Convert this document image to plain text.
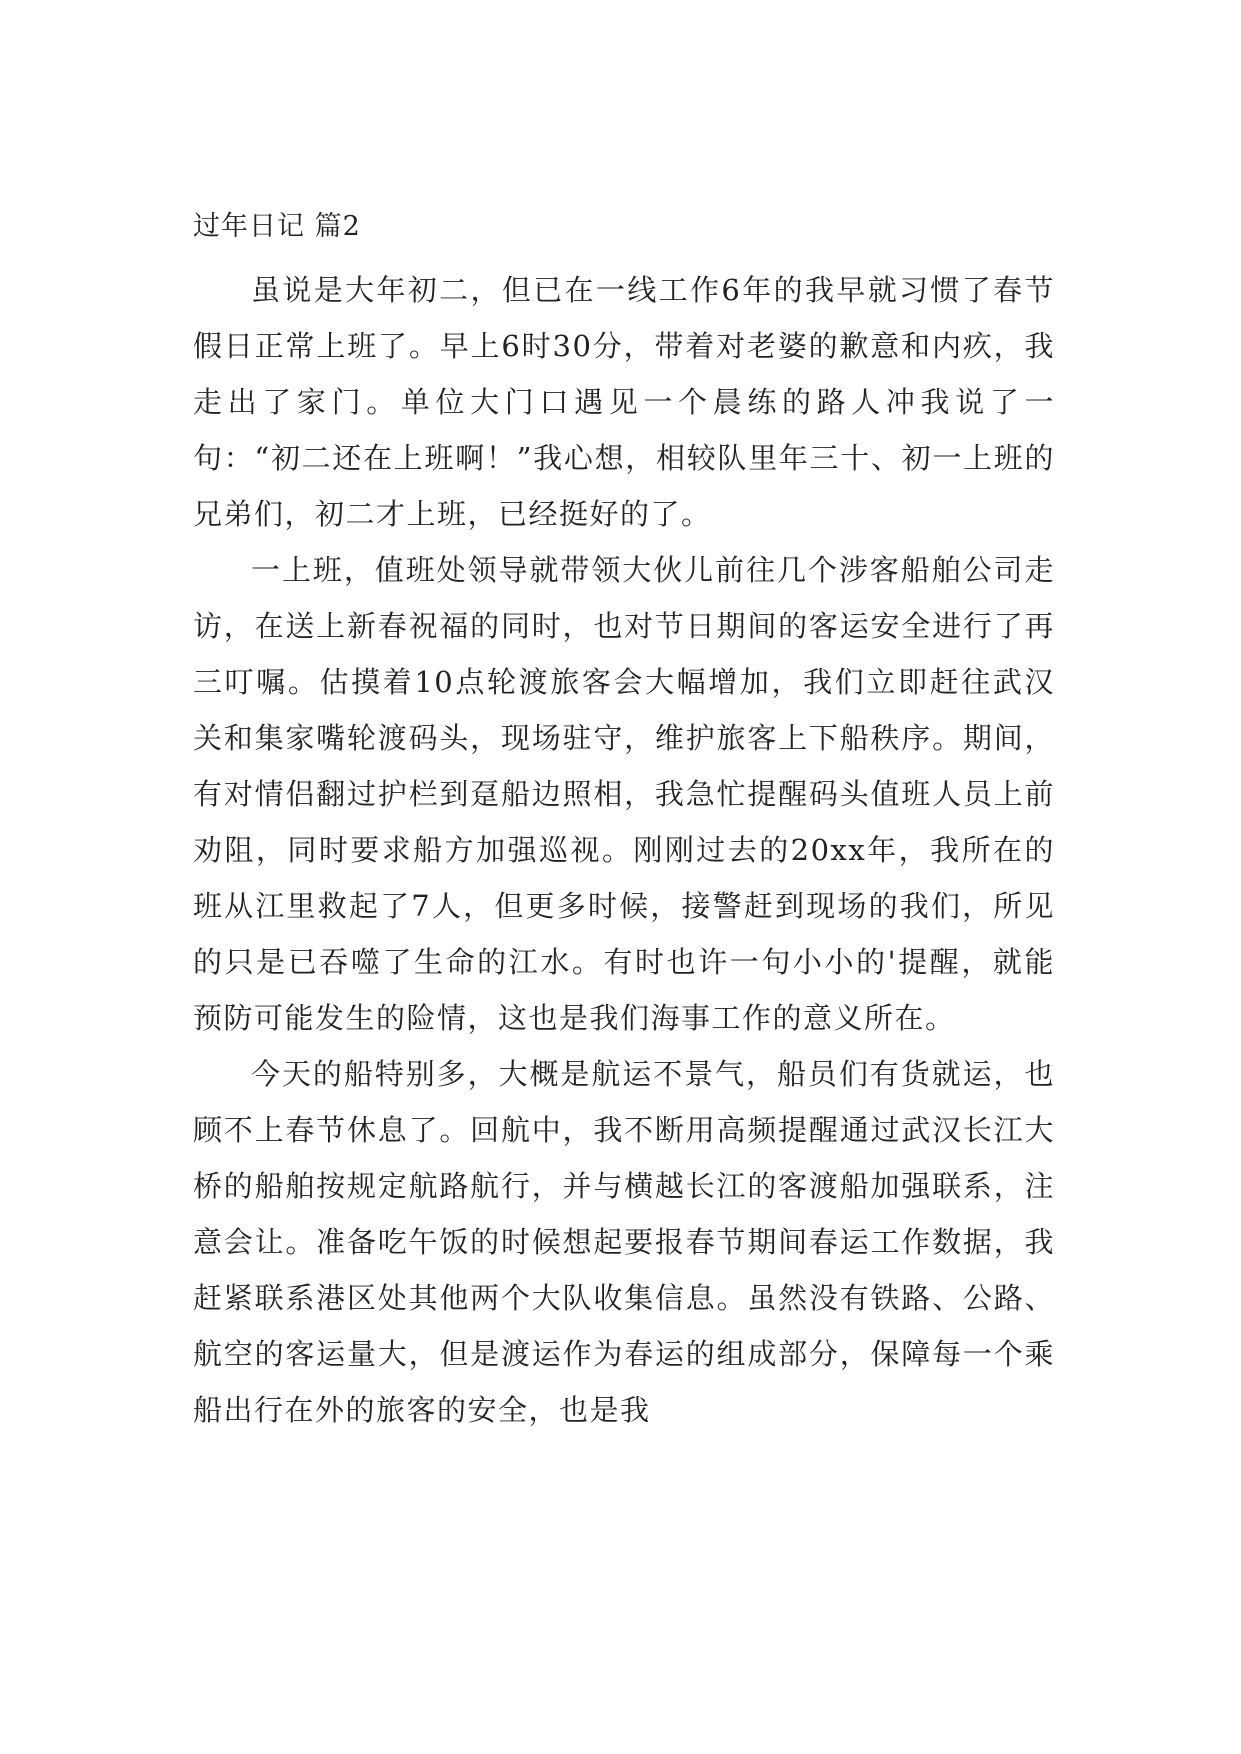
过年日记 篇2

虽说是大年初二，但已在一线工作6年的我早就习惯了春节假日正常上班了。早上6时30分，带着对老婆的歉意和内疚，我走出了家门。单位大门口遇见一个晨练的路人冲我说了一句：“初二还在上班啊！”我心想，相较队里年三十、初一上班的兄弟们，初二才上班，已经挺好的了。

一上班，值班处领导就带领大伙儿前往几个涉客船舶公司走访，在送上新春祝福的同时，也对节日期间的客运安全进行了再三叮嘱。估摸着10点轮渡旅客会大幅增加，我们立即赶往武汉关和集家嘴轮渡码头，现场驻守，维护旅客上下船秩序。期间，有对情侣翻过护栏到趸船边照相，我急忙提醒码头值班人员上前劝阻，同时要求船方加强巡视。刚刚过去的20xx年，我所在的班从江里救起了7人，但更多时候，接警赶到现场的我们，所见的只是已吞噬了生命的江水。有时也许一句小小的'提醒，就能预防可能发生的险情，这也是我们海事工作的意义所在。

今天的船特别多，大概是航运不景气，船员们有货就运，也顾不上春节休息了。回航中，我不断用高频提醒通过武汉长江大桥的船舶按规定航路航行，并与横越长江的客渡船加强联系，注意会让。准备吃午饭的时候想起要报春节期间春运工作数据，我赶紧联系港区处其他两个大队收集信息。虽然没有铁路、公路、航空的客运量大，但是渡运作为春运的组成部分，保障每一个乘船出行在外的旅客的安全，也是我
